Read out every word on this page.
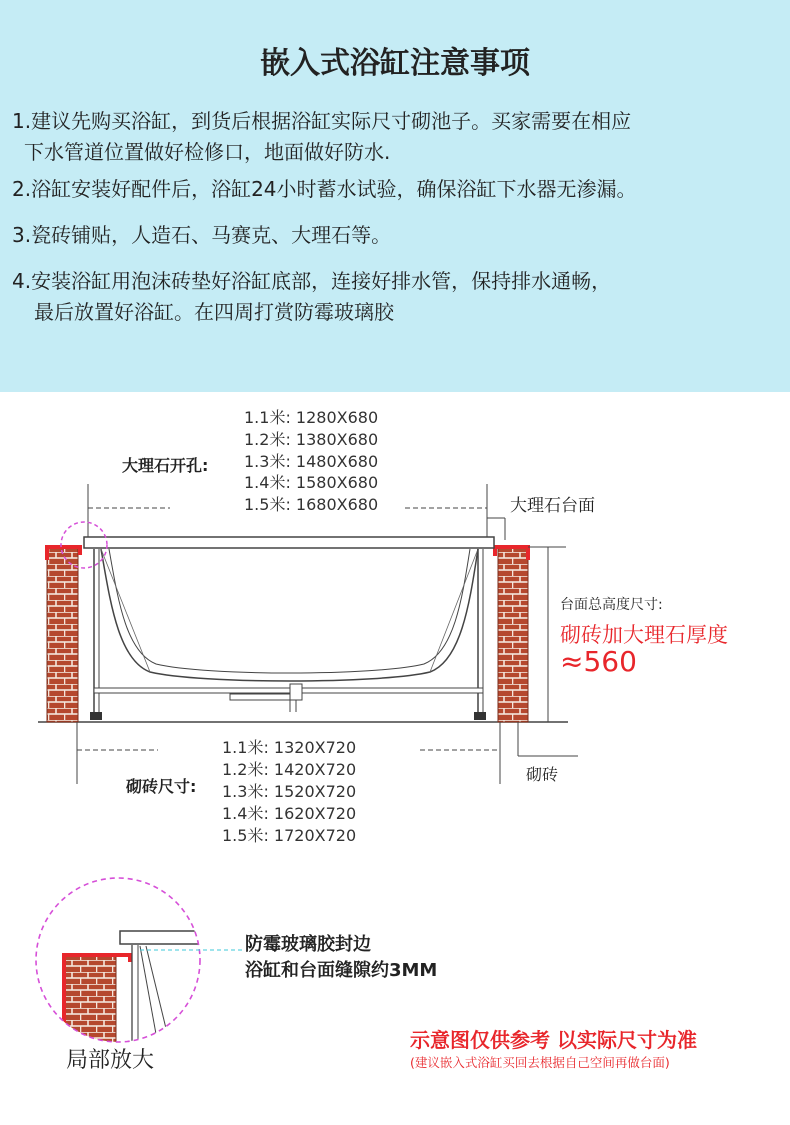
嵌入式浴缸注意事项
1.建议先购买浴缸，到货后根据浴缸实际尺寸砌池子。买家需要在相应
下水管道位置做好检修口，地面做好防水.
2.浴缸安装好配件后，浴缸24小时蓄水试验，确保浴缸下水器无渗漏。
3.瓷砖铺贴，人造石、马赛克、大理石等。
4.安装浴缸用泡沫砖垫好浴缸底部，连接好排水管，保持排水通畅，
最后放置好浴缸。在四周打赏防霉玻璃胶
大理石开孔:
1.1米: 1280X680
1.2米: 1380X680
1.3米: 1480X680
1.4米: 1580X680
1.5米: 1680X680	大理石台面
台面总高度尺寸:
砌砖加大理石厚度
≈560
砌砖
砌砖尺寸:
1.1米: 1320X720
1.2米: 1420X720
1.3米: 1520X720
1.4米: 1620X720
1.5米: 1720X720
防霉玻璃胶封边
浴缸和台面缝隙约3MM
局部放大
示意图仅供参考 以实际尺寸为准
(建议嵌入式浴缸买回去根据自己空间再做台面)
